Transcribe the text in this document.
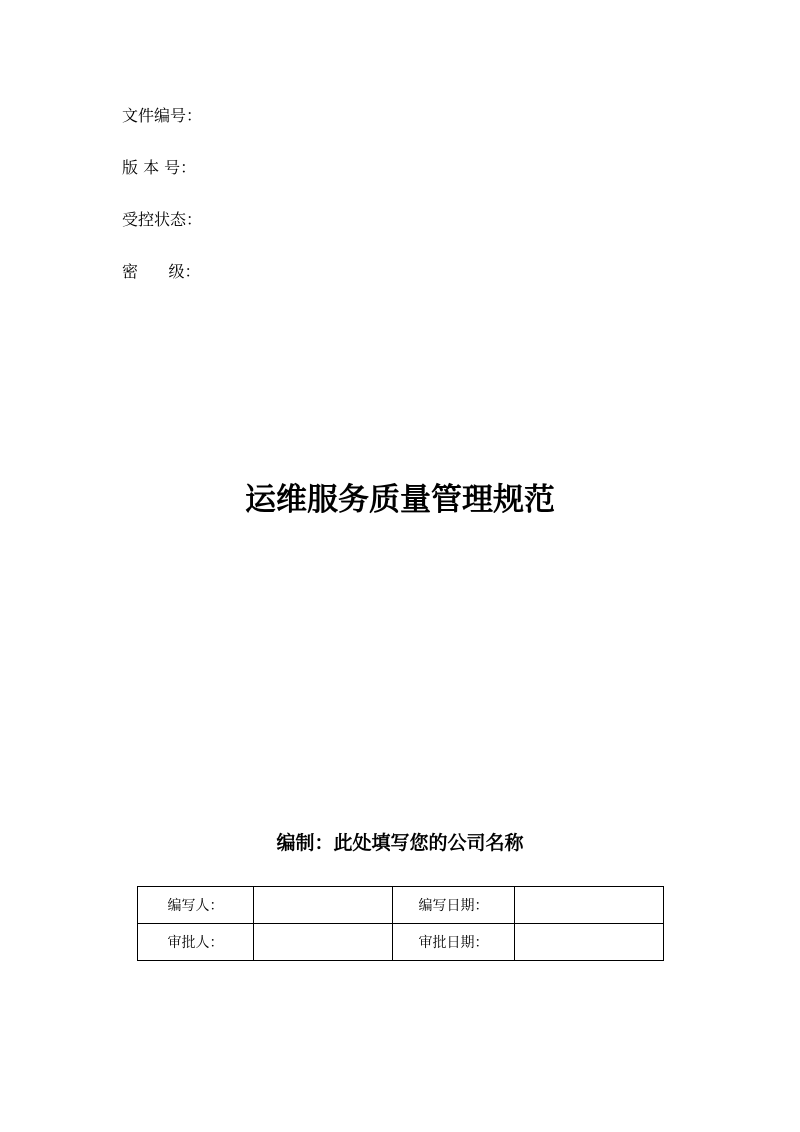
文件编号：
版 本 号：
受控状态：
密      级：
运维服务质量管理规范
编制：此处填写您的公司名称
编写人：		编写日期：	
审批人：		审批日期：	
